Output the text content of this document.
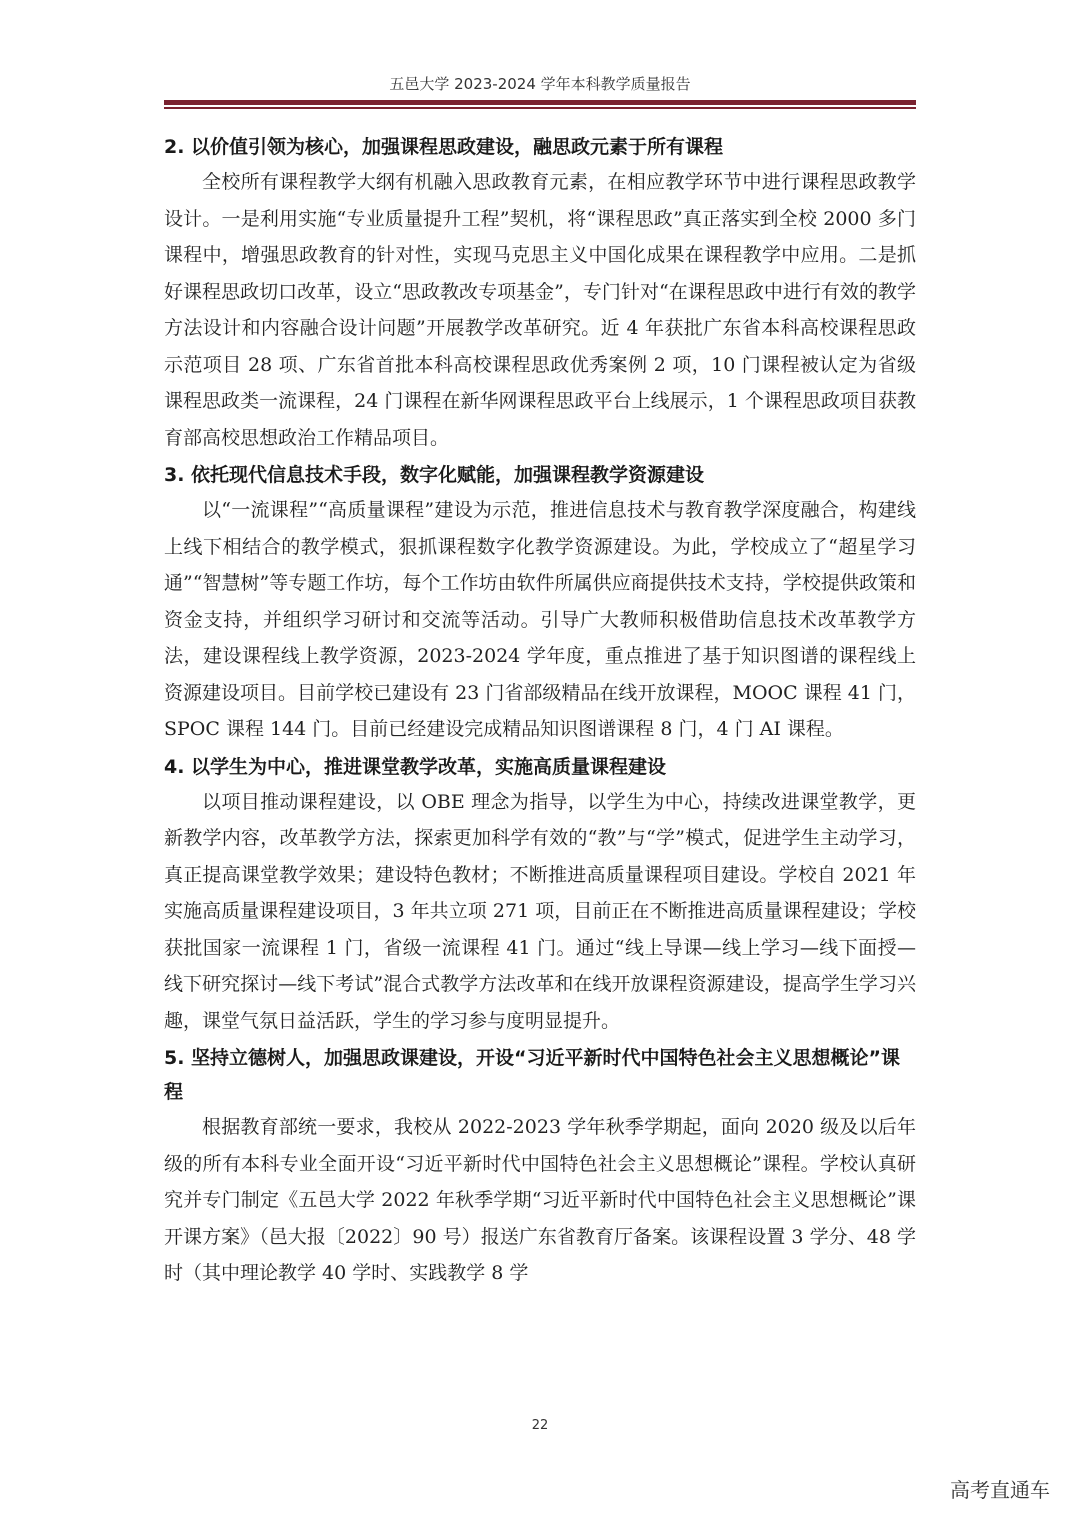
五邑大学 2023-2024 学年本科教学质量报告
2. 以价值引领为核心，加强课程思政建设，融思政元素于所有课程

全校所有课程教学大纲有机融入思政教育元素，在相应教学环节中进行课程思政教学设计。一是利用实施“专业质量提升工程”契机，将“课程思政”真正落实到全校 2000 多门课程中，增强思政教育的针对性，实现马克思主义中国化成果在课程教学中应用。二是抓好课程思政切口改革，设立“思政教改专项基金”，专门针对“在课程思政中进行有效的教学方法设计和内容融合设计问题”开展教学改革研究。近 4 年获批广东省本科高校课程思政示范项目 28 项、广东省首批本科高校课程思政优秀案例 2 项，10 门课程被认定为省级课程思政类一流课程，24 门课程在新华网课程思政平台上线展示，1 个课程思政项目获教育部高校思想政治工作精品项目。

3. 依托现代信息技术手段，数字化赋能，加强课程教学资源建设

以“一流课程”“高质量课程”建设为示范，推进信息技术与教育教学深度融合，构建线上线下相结合的教学模式，狠抓课程数字化教学资源建设。为此，学校成立了“超星学习通”“智慧树”等专题工作坊，每个工作坊由软件所属供应商提供技术支持，学校提供政策和资金支持，并组织学习研讨和交流等活动。引导广大教师积极借助信息技术改革教学方法，建设课程线上教学资源，2023-2024 学年度，重点推进了基于知识图谱的课程线上资源建设项目。目前学校已建设有 23 门省部级精品在线开放课程，MOOC 课程 41 门，SPOC 课程 144 门。目前已经建设完成精品知识图谱课程 8 门，4 门 AI 课程。

4. 以学生为中心，推进课堂教学改革，实施高质量课程建设

以项目推动课程建设，以 OBE 理念为指导，以学生为中心，持续改进课堂教学，更新教学内容，改革教学方法，探索更加科学有效的“教”与“学”模式，促进学生主动学习，真正提高课堂教学效果；建设特色教材；不断推进高质量课程项目建设。学校自 2021 年实施高质量课程建设项目，3 年共立项 271 项，目前正在不断推进高质量课程建设；学校获批国家一流课程 1 门，省级一流课程 41 门。通过“线上导课—线上学习—线下面授—线下研究探讨—线下考试”混合式教学方法改革和在线开放课程资源建设，提高学生学习兴趣，课堂气氛日益活跃，学生的学习参与度明显提升。

5. 坚持立德树人，加强思政课建设，开设“习近平新时代中国特色社会主义思想概论”课程

根据教育部统一要求，我校从 2022-2023 学年秋季学期起，面向 2020 级及以后年级的所有本科专业全面开设“习近平新时代中国特色社会主义思想概论”课程。学校认真研究并专门制定《五邑大学 2022 年秋季学期“习近平新时代中国特色社会主义思想概论”课开课方案》（邑大报〔2022〕90 号）报送广东省教育厅备案。该课程设置 3 学分、48 学时（其中理论教学 40 学时、实践教学 8 学

22
高考直通车
